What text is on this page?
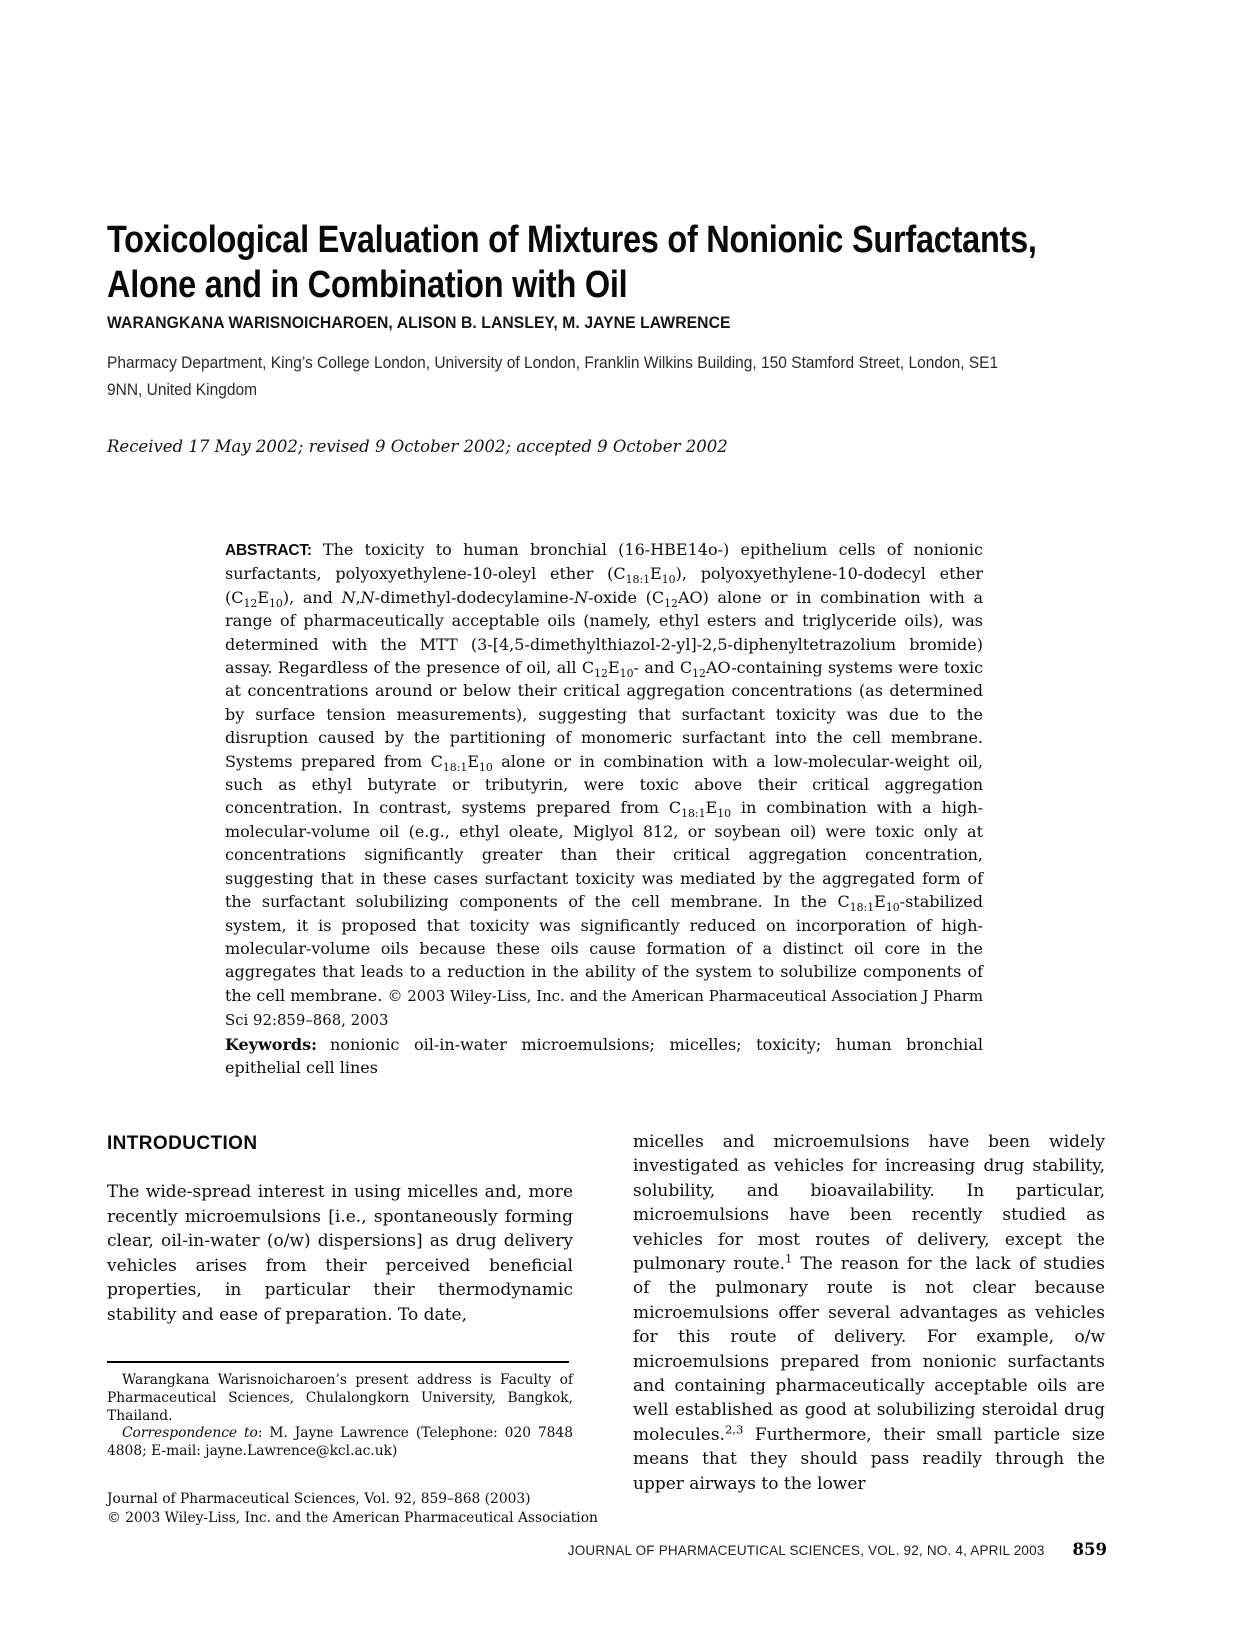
Toxicological Evaluation of Mixtures of Nonionic Surfactants, Alone and in Combination with Oil
WARANGKANA WARISNOICHAROEN, ALISON B. LANSLEY, M. JAYNE LAWRENCE
Pharmacy Department, King’s College London, University of London, Franklin Wilkins Building, 150 Stamford Street, London, SE1 9NN, United Kingdom
Received 17 May 2002; revised 9 October 2002; accepted 9 October 2002

ABSTRACT: The toxicity to human bronchial (16-HBE14o-) epithelium cells of nonionic surfactants, polyoxyethylene-10-oleyl ether $(C_{18:1}E_{10})$, polyoxyethylene-10-dodecyl ether $(C_{12}E_{10})$, and N,N-dimethyl-dodecylamine-N-oxide $(C_{12}AO)$ alone or in combination with a range of pharmaceutically acceptable oils (namely, ethyl esters and triglyceride oils), was determined with the MTT (3-[4,5-dimethylthiazol-2-yl]-2,5-diphenyltetrazolium bromide) assay. Regardless of the presence of oil, all $C_{12}E_{10}-$ and $C_{12}AO$-containing systems were toxic at concentrations around or below their critical aggregation concentrations (as determined by surface tension measurements), suggesting that surfactant toxicity was due to the disruption caused by the partitioning of monomeric surfactant into the cell membrane. Systems prepared from $C_{18:1}E_{10}$ alone or in combination with a low-molecular-weight oil, such as ethyl butyrate or tributyrin, were toxic above their critical aggregation concentration. In contrast, systems prepared from $C_{18:1}E_{10}$ in combination with a high-molecular-volume oil (e.g., ethyl oleate, Miglyol 812, or soybean oil) were toxic only at concentrations significantly greater than their critical aggregation concentration, suggesting that in these cases surfactant toxicity was mediated by the aggregated form of the surfactant solubilizing components of the cell membrane. In the $C_{18:1}E_{10}$-stabilized system, it is proposed that toxicity was significantly reduced on incorporation of high-molecular-volume oils because these oils cause formation of a distinct oil core in the aggregates that leads to a reduction in the ability of the system to solubilize components of the cell membrane. © 2003 Wiley-Liss, Inc. and the American Pharmaceutical Association J Pharm Sci 92:859–868, 2003

Keywords: nonionic oil-in-water microemulsions; micelles; toxicity; human bronchial epithelial cell lines

INTRODUCTION
The wide-spread interest in using micelles and, more recently microemulsions [i.e., spontaneously forming clear, oil-in-water (o/w) dispersions] as drug delivery vehicles arises from their perceived beneficial properties, in particular their thermodynamic stability and ease of preparation. To date,
micelles and microemulsions have been widely investigated as vehicles for increasing drug stability, solubility, and bioavailability. In particular, microemulsions have been recently studied as vehicles for most routes of delivery, except the pulmonary route.$^1$ The reason for the lack of studies of the pulmonary route is not clear because microemulsions offer several advantages as vehicles for this route of delivery. For example, o/w microemulsions prepared from nonionic surfactants and containing pharmaceutically acceptable oils are well established as good at solubilizing steroidal drug molecules.$^{2,3}$ Furthermore, their small particle size means that they should pass readily through the upper airways to the lower

Warangkana Warisnoicharoen’s present address is Faculty of Pharmaceutical Sciences, Chulalongkorn University, Bangkok, Thailand.

Correspondence to: M. Jayne Lawrence (Telephone: 020 7848 4808; E-mail: jayne.Lawrence@kcl.ac.uk)

Journal of Pharmaceutical Sciences, Vol. 92, 859–868 (2003)
© 2003 Wiley-Liss, Inc. and the American Pharmaceutical Association
JOURNAL OF PHARMACEUTICAL SCIENCES, VOL. 92, NO. 4, APRIL 2003 859
